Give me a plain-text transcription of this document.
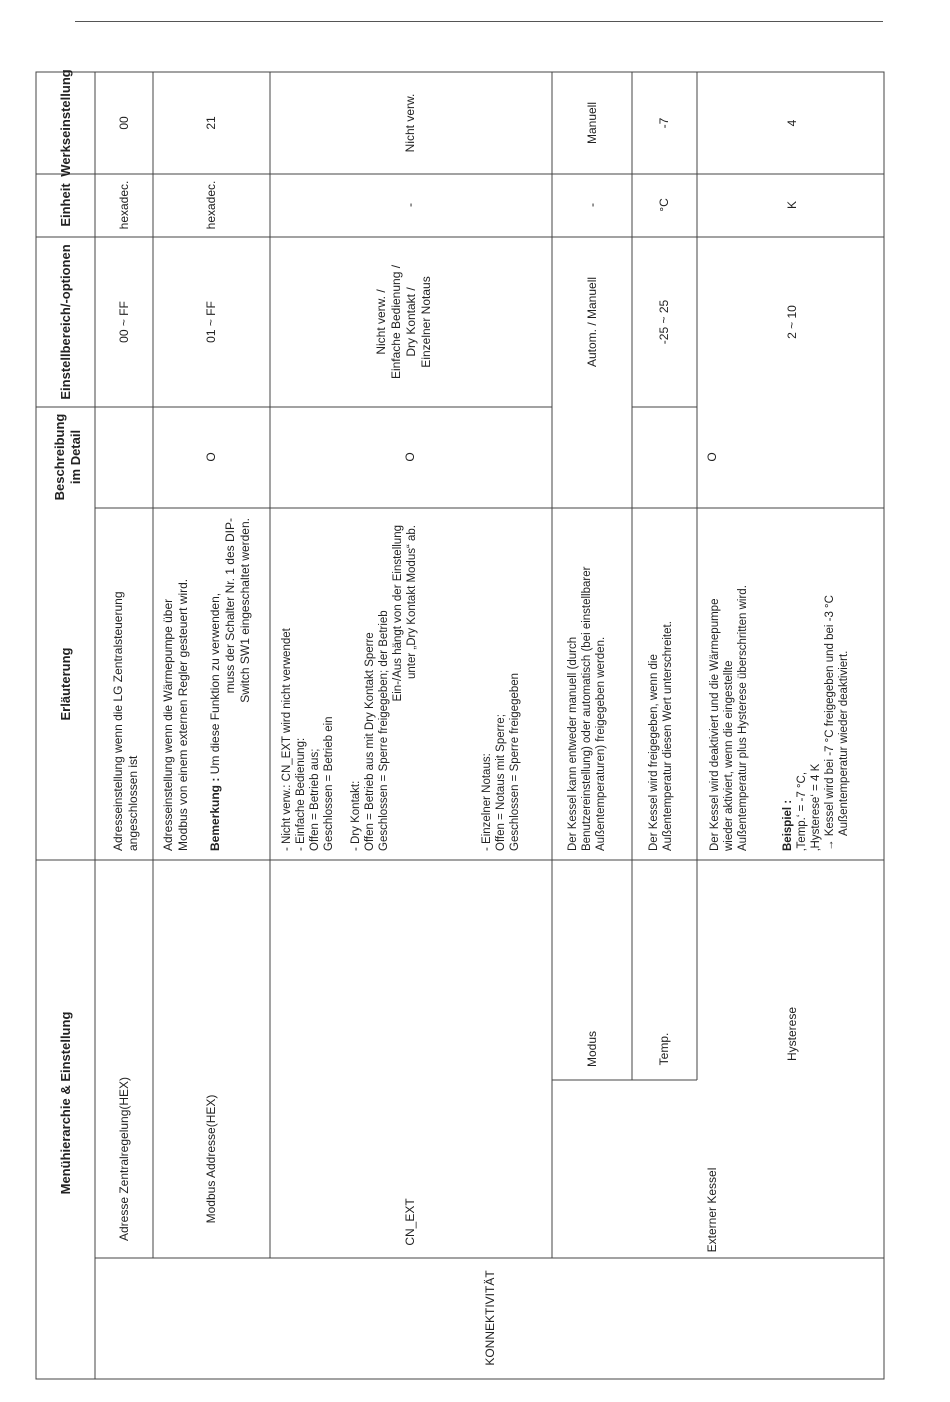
Menühierarchie & Einstellung
Erläuterung
Beschreibung im Detail
Einstellbereich/-optionen
Einheit
Werkseinstellung
KONNEKTIVITÄT
Adresse Zentralregelung(HEX)
Adresseinstellung wenn die LG Zentralsteuerung angeschlossen ist
00 ~ FF
hexadec.
00
Modbus Addresse(HEX)
Adresseinstellung wenn die Wärmepumpe über Modbus von einem externen Regler gesteuert wird. Bemerkung : Um diese Funktion zu verwenden, muss der Schalter Nr. 1 des DIP- Switch SW1 eingeschaltet werden.
O
01 ~ FF
hexadec.
21
CN_EXT
- Nicht verw.: CN_EXT wird nicht verwendet - Einfache Bedienung: Offen = Betrieb aus; Geschlossen = Betrieb ein - Dry Kontakt: Offen = Betrieb aus mit Dry Kontakt Sperre Geschlossen = Sperre freigegeben; der Betrieb Ein-/Aus hängt von der Einstellung unter „Dry Kontakt Modus“ ab.
- Einzelner Notaus: Offen = Notaus mit Sperre; Geschlossen = Sperre freigegeben
O
Nicht verw. / Einfache Bedienung / Dry Kontakt / Einzelner Notaus
-
Nicht verw.
Externer Kessel
O
Modus
Der Kessel kann entweder manuell (durch Benutzereinstellung) oder automatisch (bei einstellbarer Außentemperaturen) freigegeben werden.
Autom. / Manuell
-
Manuell
Temp.
Der Kessel wird freigegeben, wenn die Außentemperatur diesen Wert unterschreitet.
-25 ~ 25
°C
-7
Hysterese
Der Kessel wird deaktiviert und die Wärmepumpe wieder aktiviert, wenn die eingestellte Außentemperatur plus Hysterese überschritten wird.	Beispiel : ‚Temp.‘ = -7 °C, ‚Hysterese‘ = 4 K → Kessel wird bei -7 °C freigegeben und bei -3 °C Außentemperatur wieder deaktiviert.
2 ~ 10
K
4
